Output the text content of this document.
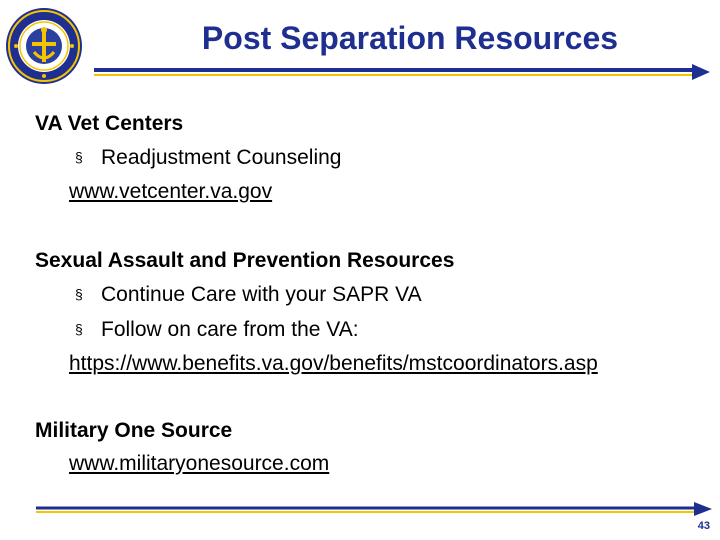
Post Separation Resources
VA Vet Centers
§ Readjustment Counseling
www.vetcenter.va.gov
Sexual Assault and Prevention Resources
§ Continue Care with your SAPR VA
§ Follow on care from the VA:
https://www.benefits.va.gov/benefits/mstcoordinators.asp
Military One Source
www.militaryonesource.com
43
